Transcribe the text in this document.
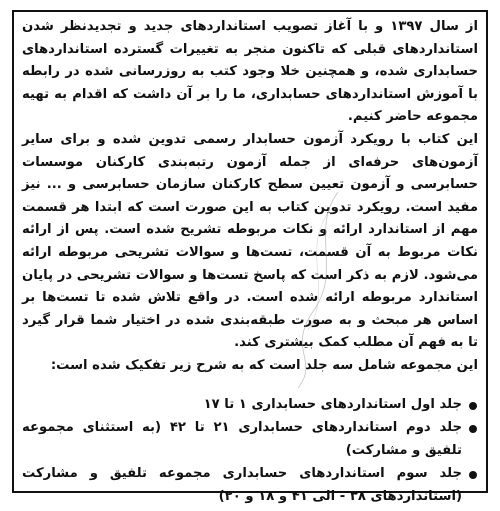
از سال ۱۳۹۷ و با آغاز تصویب استانداردهای جدید و تجدیدنظر شدن استانداردهای قبلی که تاکنون منجر به تغییرات گسترده استانداردهای حسابداری شده، و همچنین خلا وجود کتب به روزرسانی شده در رابطه با آموزش استانداردهای حسابداری، ما را بر آن داشت که اقدام به تهیه مجموعه حاضر کنیم.

این کتاب با رویکرد آزمون حسابدار رسمی تدوین شده و برای سایر آزمون‌های حرفه‌ای از جمله آزمون رتبه‌بندی کارکنان موسسات حسابرسی و آزمون تعیین سطح کارکنان سازمان حسابرسی و ... نیز مفید است. رویکرد تدوین کتاب به این صورت است که ابتدا هر قسمت مهم از استاندارد ارائه و نکات مربوطه تشریح شده است. پس از ارائه نکات مربوط به آن قسمت، تست‌ها و سوالات تشریحی مربوطه ارائه می‌شود. لازم به ذکر است که پاسخ تست‌ها و سوالات تشریحی در پایان استاندارد مربوطه ارائه شده است. در واقع تلاش شده تا تست‌ها بر اساس هر مبحث و به صورت طبقه‌بندی شده در اختیار شما قرار گیرد تا به فهم آن مطلب کمک بیشتری کند.

این مجموعه شامل سه جلد است که به شرح زیر تفکیک شده است:

جلد اول استانداردهای حسابداری ۱ تا ۱۷
جلد دوم استانداردهای حسابداری ۲۱ تا ۴۲ (به استثنای مجموعه تلفیق و مشارکت)
جلد سوم استانداردهای حسابداری مجموعه تلفیق و مشارکت (استانداردهای ۳۸ - الی ۴۱ و ۱۸ و ۲۰)
